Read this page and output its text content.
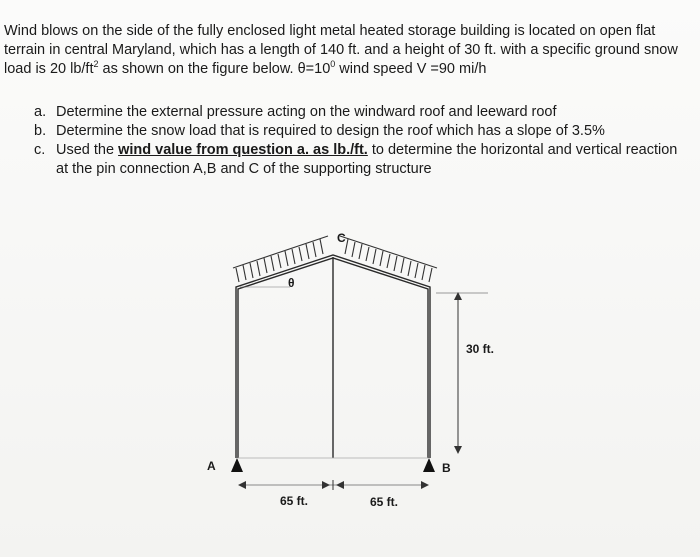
Wind blows on the side of the fully enclosed light metal heated storage building is located on open flat terrain in central Maryland, which has a length of 140 ft. and a height of 30 ft. with a specific ground snow load is 20 $lb/ft^2$ as shown on the figure below. $\theta=10^0$ wind speed V =90 mi/h

a. Determine the external pressure acting on the windward roof and leeward roof
b. Determine the snow load that is required to design the roof which has a slope of 3.5%
c. Used the wind value from question a. as lb./ft. to determine the horizontal and vertical reaction at the pin connection A,B and C of the supporting structure
θ
C
A	B
30 ft.
65 ft.	65 ft.
